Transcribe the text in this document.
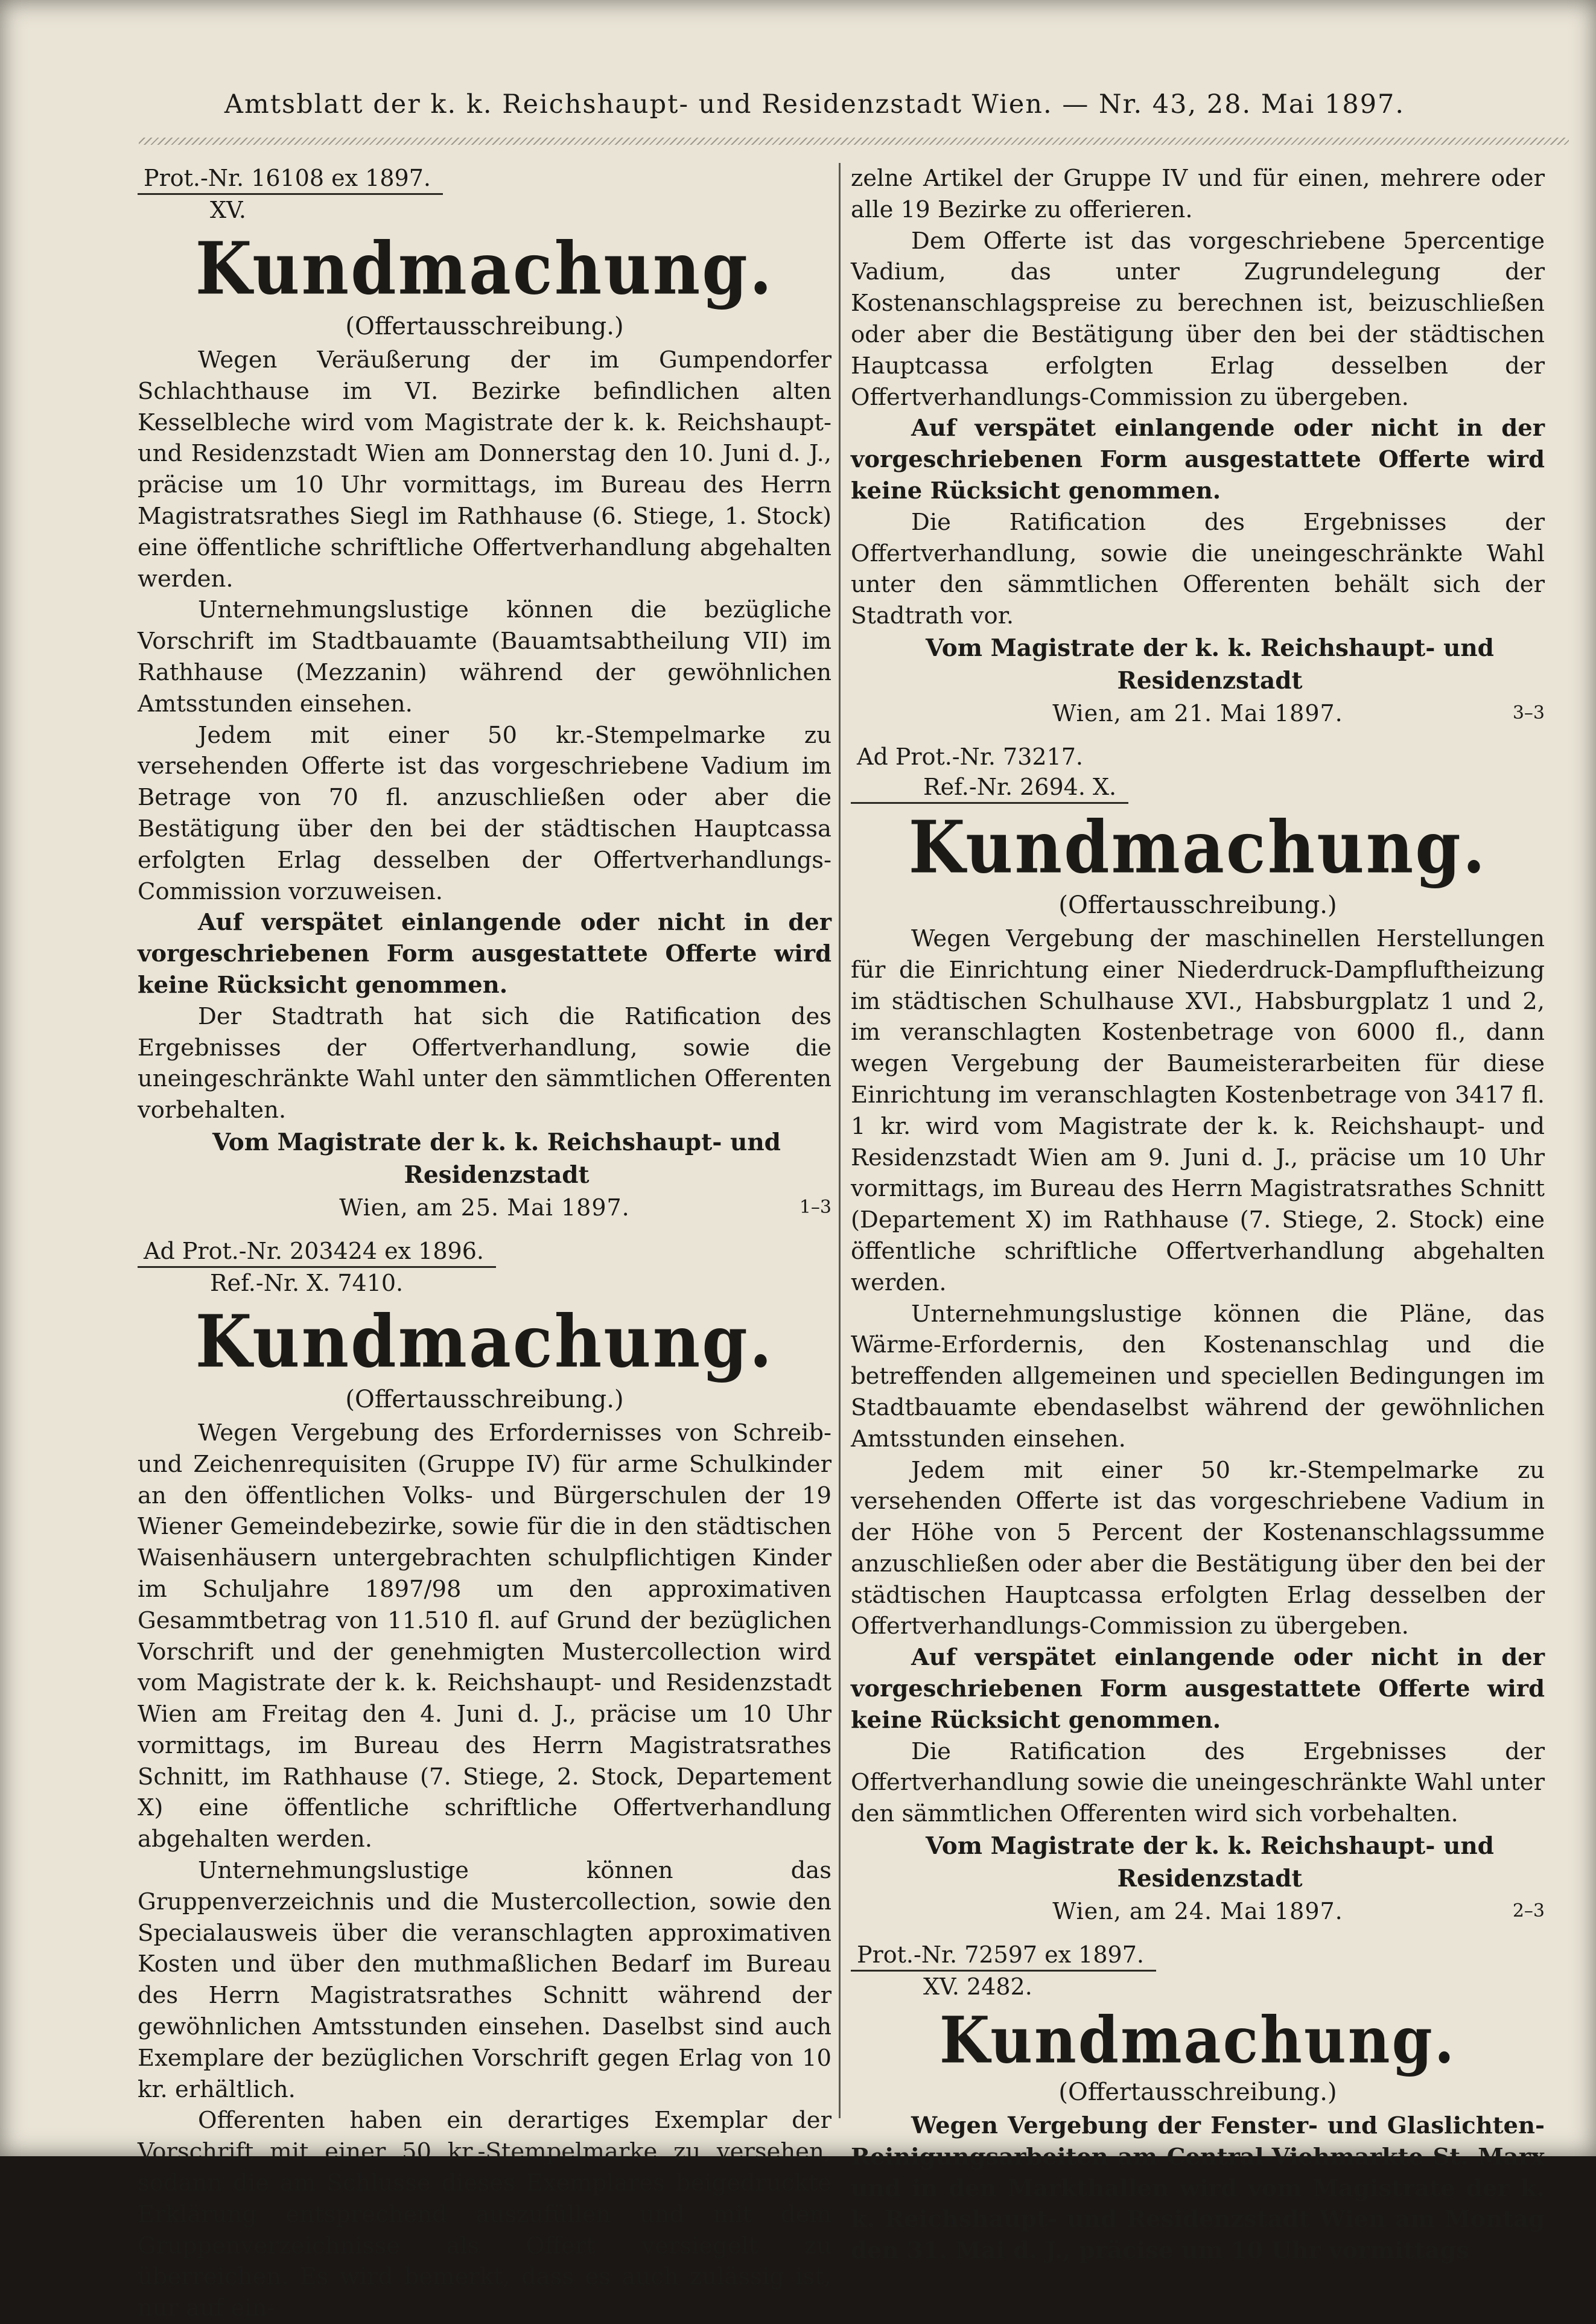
Amtsblatt der k. k. Reichshaupt- und Residenzstadt Wien. — Nr. 43, 28. Mai 1897.
Prot.-Nr. 16108 ex 1897.
XV.
Kundmachung.
(Offertausschreibung.)

Wegen Veräußerung der im Gumpendorfer Schlachthause im VI. Bezirke befindlichen alten Kesselbleche wird vom Magistrate der k. k. Reichshaupt- und Residenzstadt Wien am Donnerstag den 10. Juni d. J., präcise um 10 Uhr vormittags, im Bureau des Herrn Magistratsrathes Siegl im Rathhause (6. Stiege, 1. Stock) eine öffentliche schriftliche Offertverhandlung abgehalten werden.

Unternehmungslustige können die bezügliche Vorschrift im Stadtbauamte (Bauamtsabtheilung VII) im Rathhause (Mezzanin) während der gewöhnlichen Amtsstunden einsehen.

Jedem mit einer 50 kr.-Stempelmarke zu versehenden Offerte ist das vorgeschriebene Vadium im Betrage von 70 fl. anzuschließen oder aber die Bestätigung über den bei der städtischen Hauptcassa erfolgten Erlag desselben der Offertverhandlungs-Commission vorzuweisen.

Auf verspätet einlangende oder nicht in der vorgeschriebenen Form ausgestattete Offerte wird keine Rücksicht genommen.

Der Stadtrath hat sich die Ratification des Ergebnisses der Offertverhandlung, sowie die uneingeschränkte Wahl unter den sämmtlichen Offerenten vorbehalten.

Vom Magistrate der k. k. Reichshaupt- und Residenzstadt
Wien, am 25. Mai 1897.	1–3
Ad Prot.-Nr. 203424 ex 1896.
Ref.-Nr. X. 7410.
Kundmachung.
(Offertausschreibung.)

Wegen Vergebung des Erfordernisses von Schreib- und Zeichenrequisiten (Gruppe IV) für arme Schulkinder an den öffentlichen Volks- und Bürgerschulen der 19 Wiener Gemeindebezirke, sowie für die in den städtischen Waisenhäusern untergebrachten schulpflichtigen Kinder im Schuljahre 1897/98 um den approximativen Gesammtbetrag von 11.510 fl. auf Grund der bezüglichen Vorschrift und der genehmigten Mustercollection wird vom Magistrate der k. k. Reichshaupt- und Residenzstadt Wien am Freitag den 4. Juni d. J., präcise um 10 Uhr vormittags, im Bureau des Herrn Magistratsrathes Schnitt, im Rathhause (7. Stiege, 2. Stock, Departement X) eine öffentliche schriftliche Offertverhandlung abgehalten werden.

Unternehmungslustige können das Gruppenverzeichnis und die Mustercollection, sowie den Specialausweis über die veranschlagten approximativen Kosten und über den muthmaßlichen Bedarf im Bureau des Herrn Magistratsrathes Schnitt während der gewöhnlichen Amtsstunden einsehen. Daselbst sind auch Exemplare der bezüglichen Vorschrift gegen Erlag von 10 kr. erhältlich.

Offerenten haben ein derartiges Exemplar der Vorschrift mit einer 50 kr.-Stempelmarke zu versehen, sodann die am Schlusse dieses Exemplares beigedruckte Erklärung entsprechend auszufüllen und mit dem Gruppenverzeichnisse als Offert versiegelt zu überreichen. Es wird bemerkt, dass es auch zulässig ist, nur auf ein-

zelne Artikel der Gruppe IV und für einen, mehrere oder alle 19 Bezirke zu offerieren.

Dem Offerte ist das vorgeschriebene 5percentige Vadium, das unter Zugrundelegung der Kostenanschlagspreise zu berechnen ist, beizuschließen oder aber die Bestätigung über den bei der städtischen Hauptcassa erfolgten Erlag desselben der Offertverhandlungs-Commission zu übergeben.

Auf verspätet einlangende oder nicht in der vorgeschriebenen Form ausgestattete Offerte wird keine Rücksicht genommen.

Die Ratification des Ergebnisses der Offertverhandlung, sowie die uneingeschränkte Wahl unter den sämmtlichen Offerenten behält sich der Stadtrath vor.

Vom Magistrate der k. k. Reichshaupt- und Residenzstadt
Wien, am 21. Mai 1897.	3–3
Ad Prot.-Nr. 73217.
Ref.-Nr. 2694. X.
Kundmachung.
(Offertausschreibung.)

Wegen Vergebung der maschinellen Herstellungen für die Einrichtung einer Niederdruck-Dampfluftheizung im städtischen Schulhause XVI., Habsburgplatz 1 und 2, im veranschlagten Kostenbetrage von 6000 fl., dann wegen Vergebung der Baumeisterarbeiten für diese Einrichtung im veranschlagten Kostenbetrage von 3417 fl. 1 kr. wird vom Magistrate der k. k. Reichshaupt- und Residenzstadt Wien am 9. Juni d. J., präcise um 10 Uhr vormittags, im Bureau des Herrn Magistratsrathes Schnitt (Departement X) im Rathhause (7. Stiege, 2. Stock) eine öffentliche schriftliche Offertverhandlung abgehalten werden.

Unternehmungslustige können die Pläne, das Wärme-Erfordernis, den Kostenanschlag und die betreffenden allgemeinen und speciellen Bedingungen im Stadtbauamte ebendaselbst während der gewöhnlichen Amtsstunden einsehen.

Jedem mit einer 50 kr.-Stempelmarke zu versehenden Offerte ist das vorgeschriebene Vadium in der Höhe von 5 Percent der Kostenanschlagssumme anzuschließen oder aber die Bestätigung über den bei der städtischen Hauptcassa erfolgten Erlag desselben der Offertverhandlungs-Commission zu übergeben.

Auf verspätet einlangende oder nicht in der vorgeschriebenen Form ausgestattete Offerte wird keine Rücksicht genommen.

Die Ratification des Ergebnisses der Offertverhandlung sowie die uneingeschränkte Wahl unter den sämmtlichen Offerenten wird sich vorbehalten.

Vom Magistrate der k. k. Reichshaupt- und Residenzstadt
Wien, am 24. Mai 1897.	2–3
Prot.-Nr. 72597 ex 1897.
XV. 2482.
Kundmachung.
(Offertausschreibung.)

Wegen Vergebung der Fenster- und Glaslichten-Reinigungsarbeiten am Central-Viehmarkte St. Marx und in den Markthallen wird vom Magistrate der k. k. Reichshaupt- und Residenzstadt Wien am Montag den 31. Mai d. J., präcise um 10 Uhr vormittags
